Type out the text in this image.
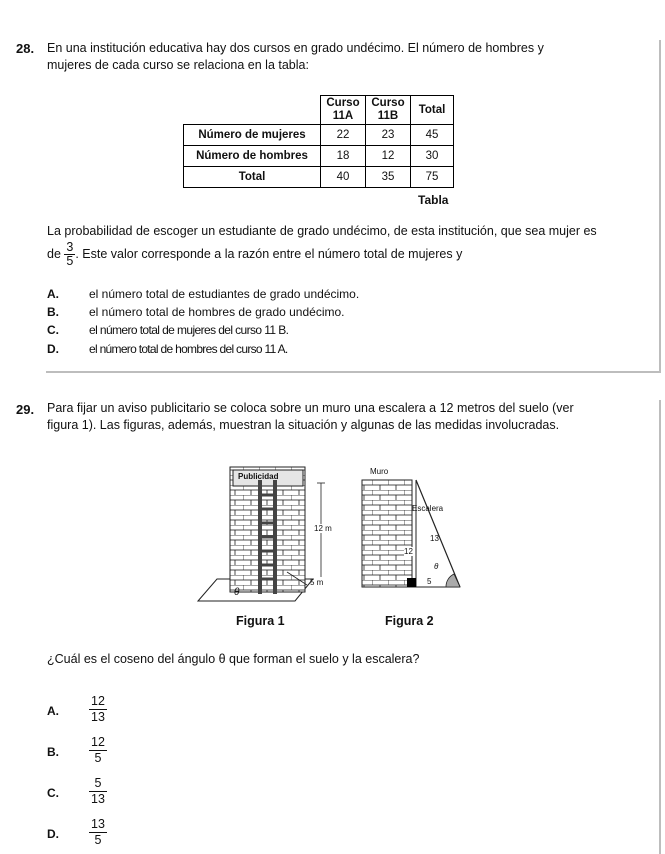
28. En una institución educativa hay dos cursos en grado undécimo. El número de hombres y
mujeres de cada curso se relaciona en la tabla:
	Curso 11A	Curso 11B	Total
Número de mujeres	22	23	45
Número de hombres	18	12	30
Total	40	35	75
Tabla
La probabilidad de escoger un estudiante de grado undécimo, de esta institución, que sea mujer es
de $\frac{3}{5}$ . Este valor corresponde a la razón entre el número total de mujeres y
A.	el número total de estudiantes de grado undécimo.
B.	el número total de hombres de grado undécimo.
C.	el número total de mujeres del curso 11 B.
D.	el número total de hombres del curso 11 A.
29. Para fijar un aviso publicitario se coloca sobre un muro una escalera a 12 metros del suelo (ver
figura 1). Las figuras, además, muestran la situación y algunas de las medidas involucradas.
Publicidad
12 m
5 m
θ
Figura 1
Muro
Escalera
13
12
θ
5
Figura 2
¿Cuál es el coseno del ángulo θ que forman el suelo y la escalera?
A.
12
13
B.
12
5
C.
5
13
D.
13
5
